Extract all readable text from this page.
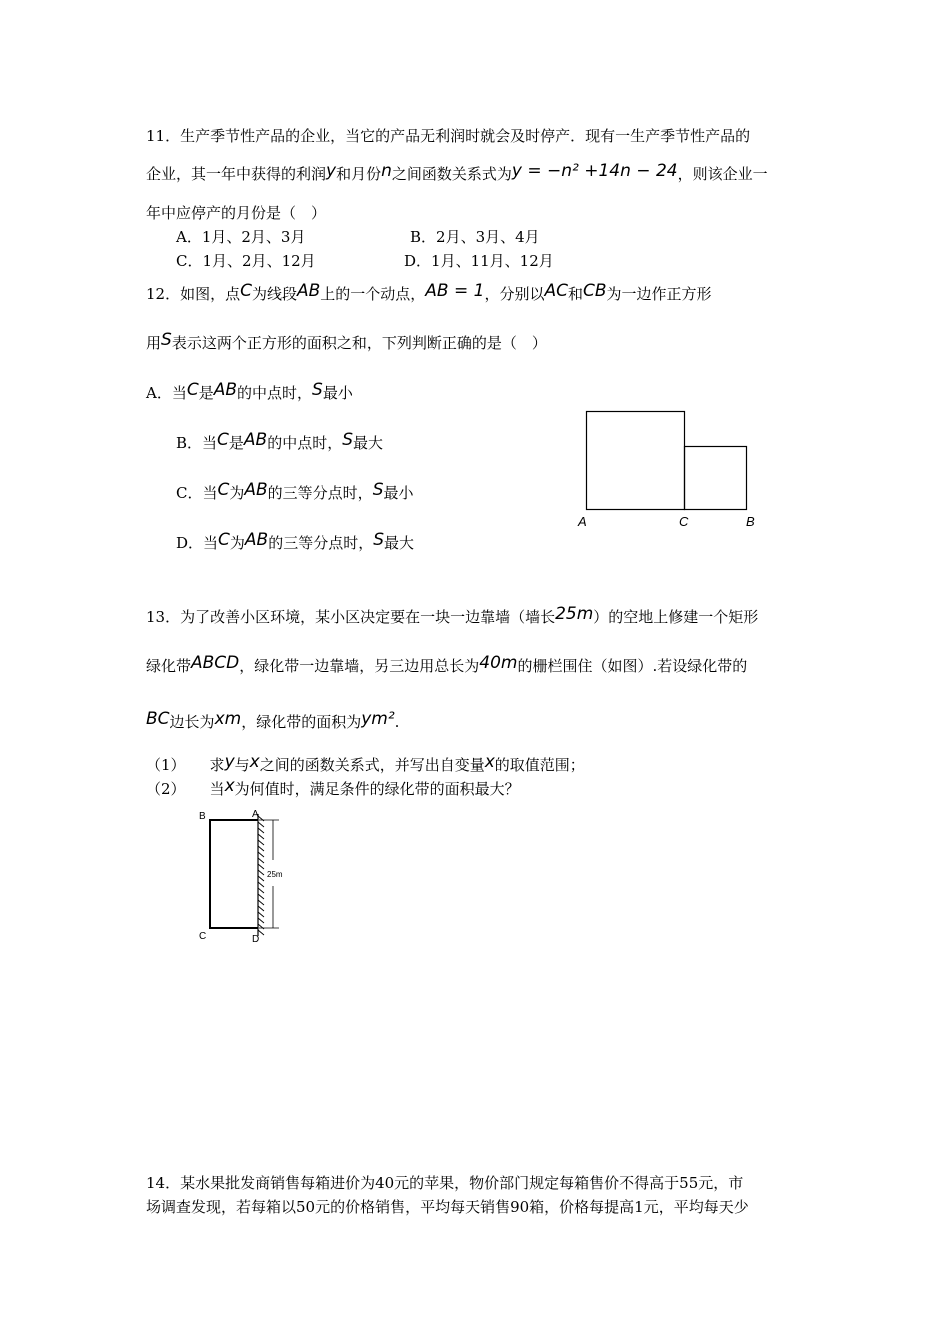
11．生产季节性产品的企业，当它的产品无利润时就会及时停产．现有一生产季节性产品的
企业，其一年中获得的利润y和月份n之间函数关系式为y = −n² +14n − 24，则该企业一
年中应停产的月份是（　）
A．1月、2月、3月	B．2月、3月、4月
C．1月、2月、12月	D．1月、11月、12月
12．如图，点C为线段AB上的一个动点，AB = 1，分别以AC和CB为一边作正方形
用S表示这两个正方形的面积之和，下列判断正确的是（　）
A．当C是AB的中点时，S最小
B．当C是AB的中点时，S最大
C．当C为AB的三等分点时，S最小
D．当C为AB的三等分点时，S最大
A	C	B
13．为了改善小区环境，某小区决定要在一块一边靠墙（墙长25m）的空地上修建一个矩形
绿化带ABCD，绿化带一边靠墙，另三边用总长为40m的栅栏围住（如图）.若设绿化带的
BC边长为xm，绿化带的面积为ym².
（1） 求y与x之间的函数关系式，并写出自变量x的取值范围；
（2） 当x为何值时，满足条件的绿化带的面积最大？
B	A
C	D
25m
14．某水果批发商销售每箱进价为40元的苹果，物价部门规定每箱售价不得高于55元，市
场调查发现，若每箱以50元的价格销售，平均每天销售90箱，价格每提高1元，平均每天少
